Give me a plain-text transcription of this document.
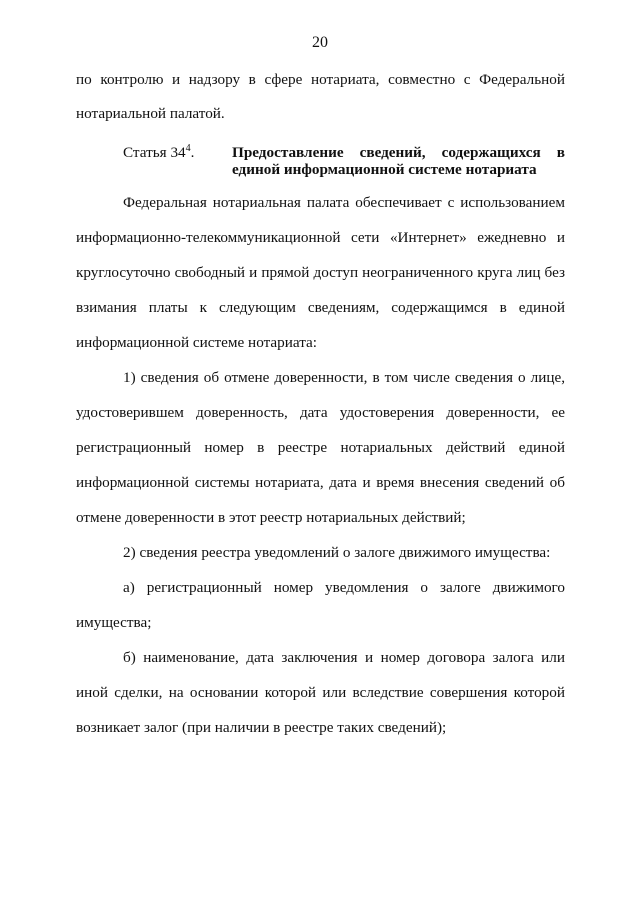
20
по контролю и надзору в сфере нотариата, совместно с Федеральной
нотариальной палатой.
Статья $34^4$. Предоставление сведений, содержащихся в
единой информационной системе нотариата
Федеральная нотариальная палата обеспечивает с использованием
информационно-телекоммуникационной сети «Интернет» ежедневно и
круглосуточно свободный и прямой доступ неограниченного круга лиц без
взимания платы к следующим сведениям, содержащимся в единой
информационной системе нотариата:
1) сведения об отмене доверенности, в том числе сведения о лице,
удостоверившем доверенность, дата удостоверения доверенности, ее
регистрационный номер в реестре нотариальных действий единой
информационной системы нотариата, дата и время внесения сведений об
отмене доверенности в этот реестр нотариальных действий;
2) сведения реестра уведомлений о залоге движимого имущества:
а) регистрационный номер уведомления о залоге движимого
имущества;
б) наименование, дата заключения и номер договора залога или
иной сделки, на основании которой или вследствие совершения которой
возникает залог (при наличии в реестре таких сведений);
